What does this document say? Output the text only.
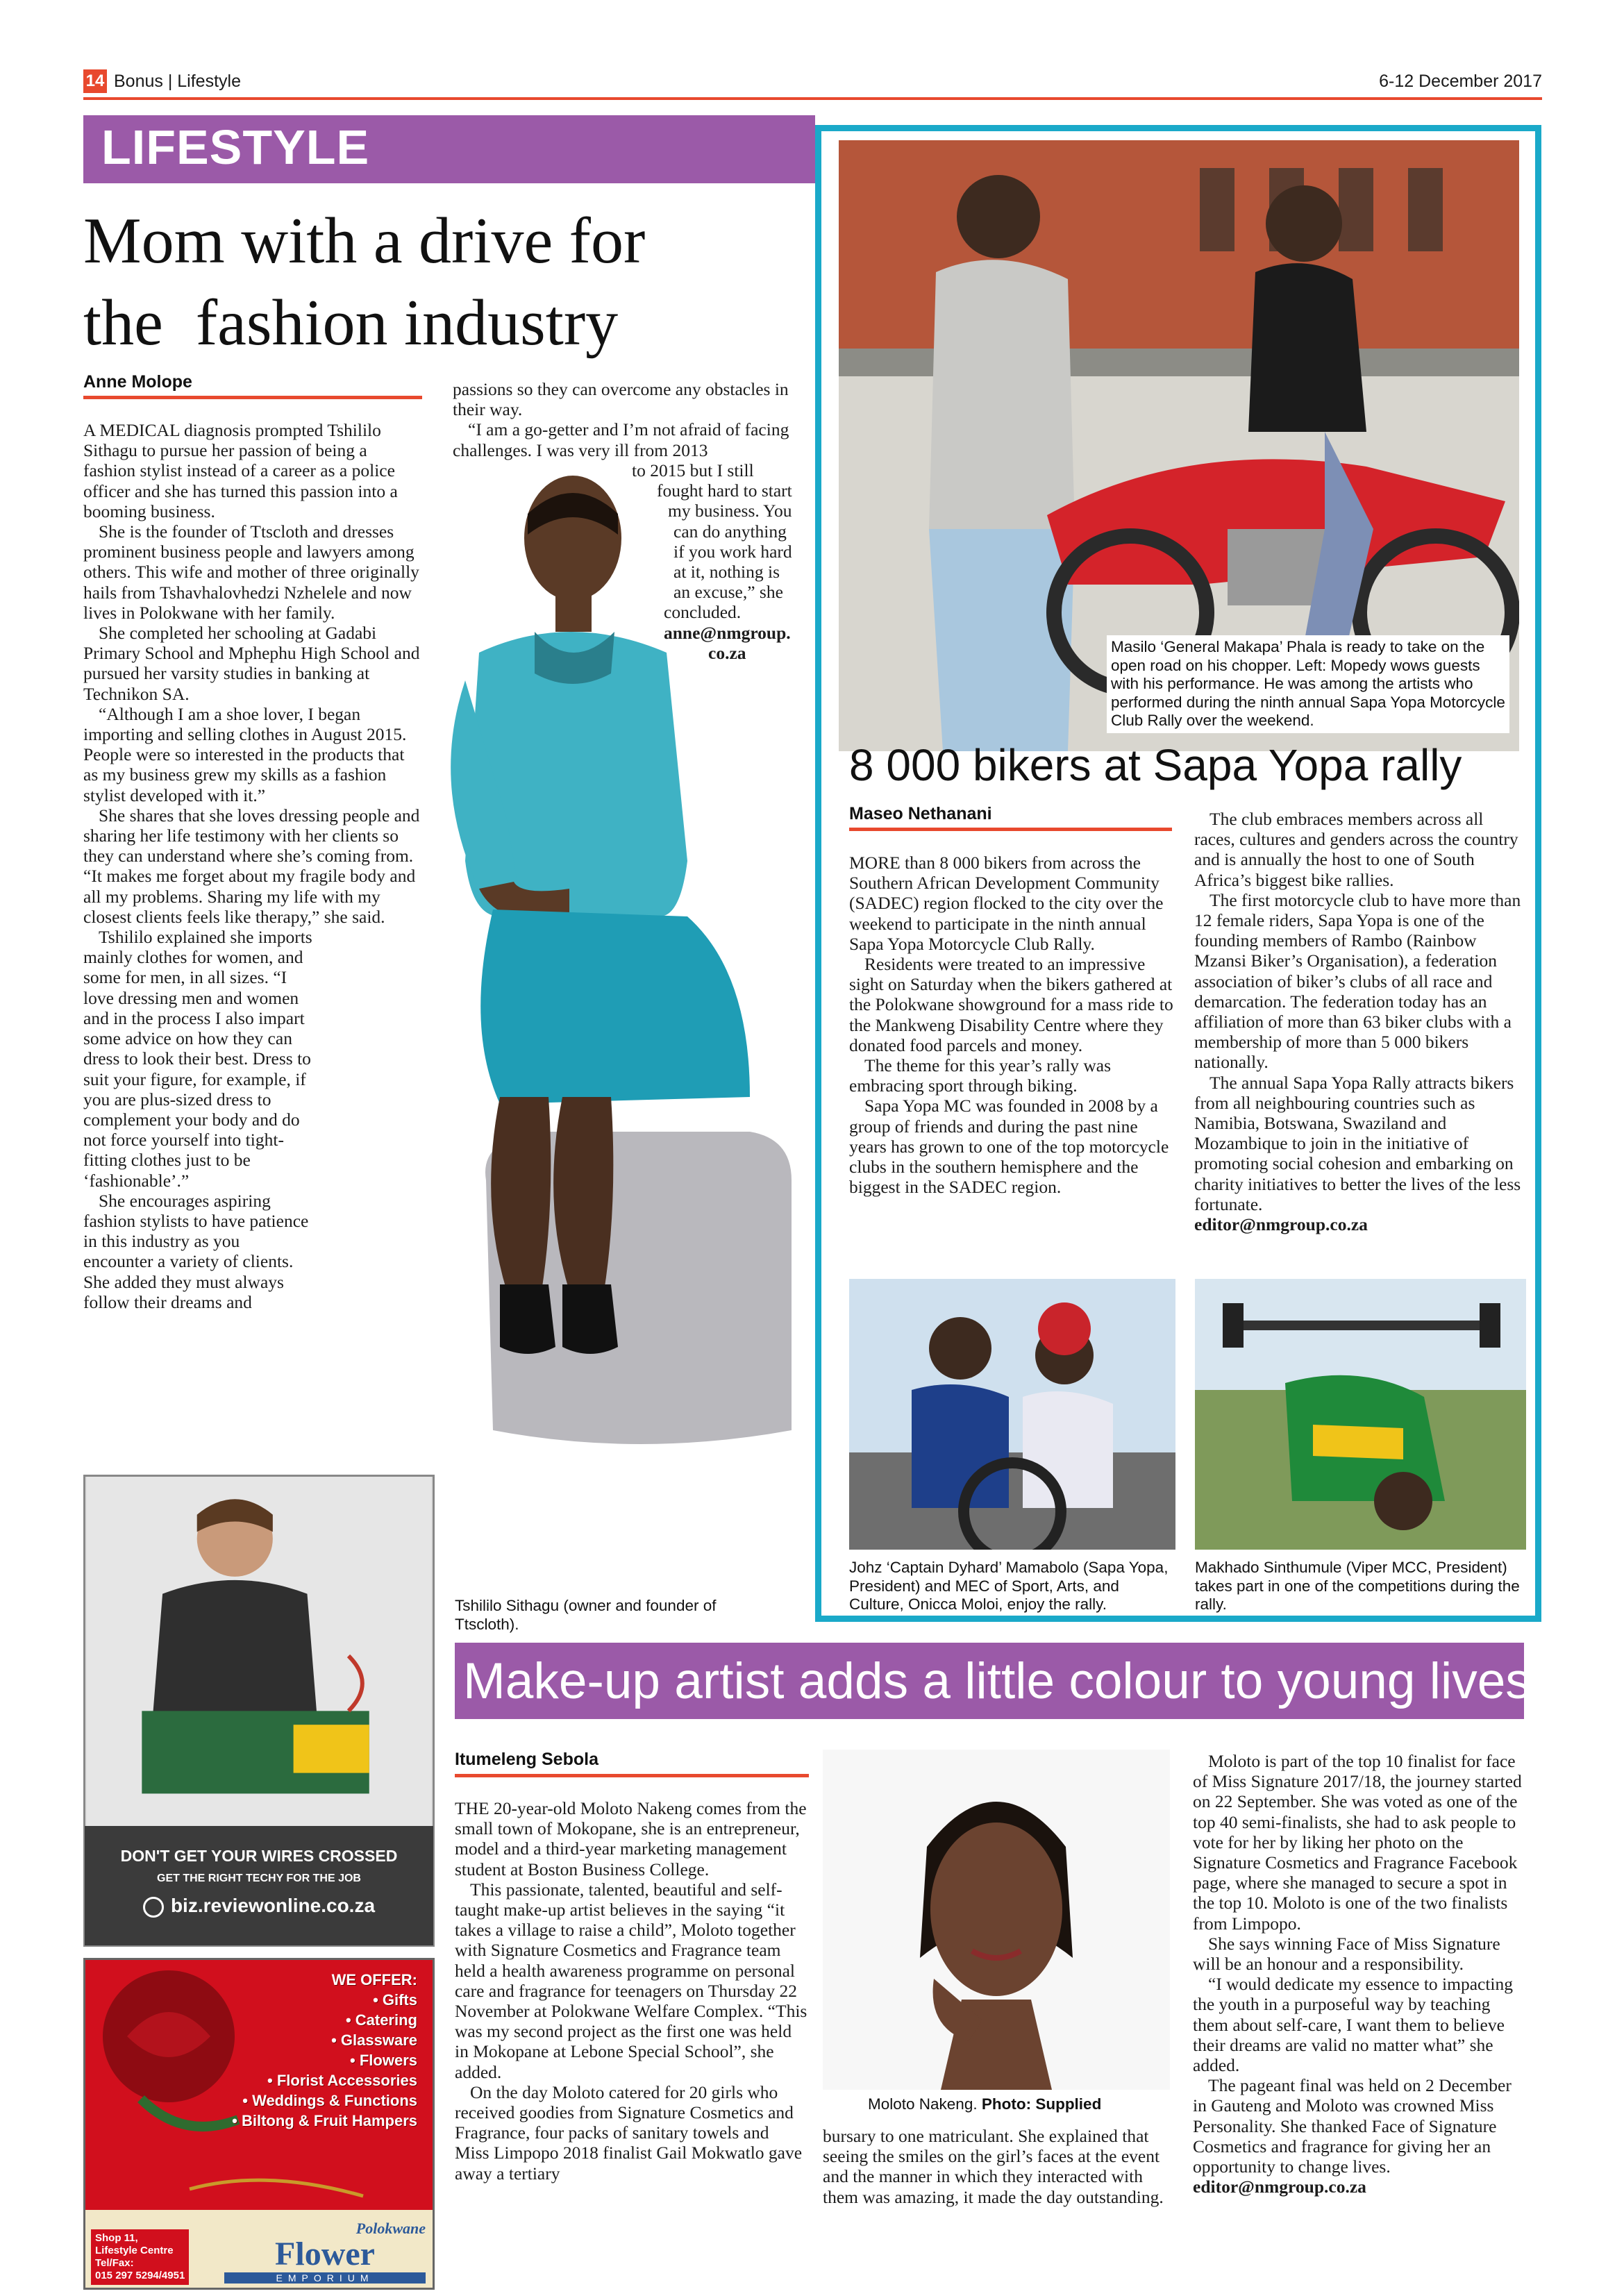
14 Bonus | Lifestyle	6-12 December 2017
LIFESTYLE
Mom with a drive for
the  fashion industry
Anne Molope

A MEDICAL diagnosis prompted Tshililo Sithagu to pursue her passion of being a fashion stylist instead of a career as a police officer and she has turned this passion into a booming business.

She is the founder of Ttscloth and dresses prominent business people and lawyers among others. This wife and mother of three originally hails from Tshavhalovhedzi Nzhelele and now lives in Polokwane with her family.

She completed her schooling at Gadabi Primary School and Mphephu High School and pursued her varsity studies in banking at Technikon SA.

“Although I am a shoe lover, I began importing and selling clothes in August 2015. People were so interested in the products that as my business grew my skills as a fashion stylist developed with it.”

She shares that she loves dressing people and sharing her life testimony with her clients so they can understand where she’s coming from. “It makes me forget about my fragile body and all my problems. Sharing my life with my closest clients feels like therapy,” she said.

Tshililo explained she imports mainly clothes for women, and some for men, in all sizes. “I love dressing men and women and in the process I also impart some advice on how they can dress to look their best. Dress to suit your figure, for example, if you are plus-sized dress to complement your body and do not force yourself into tight-fitting clothes just to be ‘fashionable’.”

She encourages aspiring fashion stylists to have patience in this industry as you encounter a variety of clients. She added they must always follow their dreams and

passions so they can overcome any obstacles in their way.

“I am a go-getter and I’m not afraid of facing challenges. I was very ill from 2013

to 2015 but I still
fought hard to start
my business. You
can do anything
if you work hard
at it, nothing is
an excuse,” she
concluded.
anne@nmgroup.
co.za
Tshililo Sithagu (owner and founder of Ttscloth).
Masilo ‘General Makapa’ Phala is ready to take on the open road on his chopper. Left: Mopedy wows guests with his performance. He was among the artists who performed during the ninth annual Sapa Yopa Motorcycle Club Rally over the weekend.
8 000 bikers at Sapa Yopa rally
Maseo Nethanani

MORE than 8 000 bikers from across the Southern African Development Community (SADEC) region flocked to the city over the weekend to participate in the ninth annual Sapa Yopa Motorcycle Club Rally.

Residents were treated to an impressive sight on Saturday when the bikers gathered at the Polokwane showground for a mass ride to the Mankweng Disability Centre where they donated food parcels and money.

The theme for this year’s rally was embracing sport through biking.

Sapa Yopa MC was founded in 2008 by a group of friends and during the past nine years has grown to one of the top motorcycle clubs in the southern hemisphere and the biggest in the SADEC region.

The club embraces members across all races, cultures and genders across the country and is annually the host to one of South Africa’s biggest bike rallies.

The first motorcycle club to have more than 12 female riders, Sapa Yopa is one of the founding members of Rambo (Rainbow Mzansi Biker’s Organisation), a federation association of biker’s clubs of all race and demarcation. The federation today has an affiliation of more than 63 biker clubs with a membership of more than 5 000 bikers nationally.

The annual Sapa Yopa Rally attracts bikers from all neighbouring countries such as Namibia, Botswana, Swaziland and Mozambique to join in the initiative of promoting social cohesion and embarking on charity initiatives to better the lives of the less fortunate.

editor@nmgroup.co.za
Johz ‘Captain Dyhard’ Mamabolo (Sapa Yopa, President) and MEC of Sport, Arts, and Culture, Onicca Moloi, enjoy the rally.
Makhado Sinthumule (Viper MCC, President) takes part in one of the competitions during the rally.
Make-up artist adds a little colour to young lives
Itumeleng Sebola

THE 20-year-old Moloto Nakeng comes from the small town of Mokopane, she is an entrepreneur, model and a third-year marketing management student at Boston Business College.

This passionate, talented, beautiful and self-taught make-up artist believes in the saying “it takes a village to raise a child”, Moloto together with Signature Cosmetics and Fragrance team held a health awareness programme on personal care and fragrance for teenagers on Thursday 22 November at Polokwane Welfare Complex. “This was my second project as the first one was held in Mokopane at Lebone Special School”, she added.

On the day Moloto catered for 20 girls who received goodies from Signature Cosmetics and Fragrance, four packs of sanitary towels and Miss Limpopo 2018 finalist Gail Mokwatlo gave away a tertiary

Moloto Nakeng. Photo: Supplied

bursary to one matriculant. She explained that seeing the smiles on the girl’s faces at the event and the manner in which they interacted with them was amazing, it made the day outstanding.

Moloto is part of the top 10 finalist for face of Miss Signature 2017/18, the journey started on 22 September. She was voted as one of the top 40 semi-finalists, she had to ask people to vote for her by liking her photo on the Signature Cosmetics and Fragrance Facebook page, where she managed to secure a spot in the top 10. Moloto is one of the two finalists from Limpopo.

She says winning Face of Miss Signature will be an honour and a responsibility.

“I would dedicate my essence to impacting the youth in a purposeful way by teaching them about self-care, I want them to believe their dreams are valid no matter what” she added.

The pageant final was held on 2 December in Gauteng and Moloto was crowned Miss Personality. She thanked Face of Signature Cosmetics and fragrance for giving her an opportunity to change lives.

editor@nmgroup.co.za
DON'T GET YOUR WIRES CROSSED
GET THE RIGHT TECHY FOR THE JOB
biz.reviewonline.co.za
WE OFFER:
• Gifts
• Catering
• Glassware
• Flowers
• Florist Accessories
• Weddings & Functions
• Biltong & Fruit Hampers
Shop 11,
Lifestyle Centre
Tel/Fax:
015 297 5294/4951
Polokwane
Flower
EMPORIUM
